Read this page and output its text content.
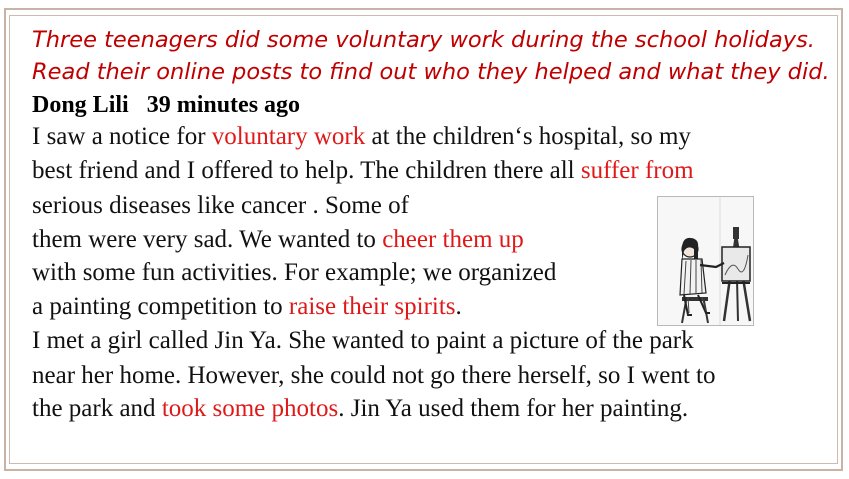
Three teenagers did some voluntary work during the school holidays.
Read their online posts to find out who they helped and what they did.
Dong Lili 39 minutes ago
I saw a notice for voluntary work at the children‘s hospital, so my
best friend and I offered to help. The children there all suffer from
serious diseases like cancer . Some of
them were very sad. We wanted to cheer them up
with some fun activities. For example; we organized
a painting competition to raise their spirits.
I met a girl called Jin Ya. She wanted to paint a picture of the park
near her home. However, she could not go there herself, so I went to
the park and took some photos. Jin Ya used them for her painting.
